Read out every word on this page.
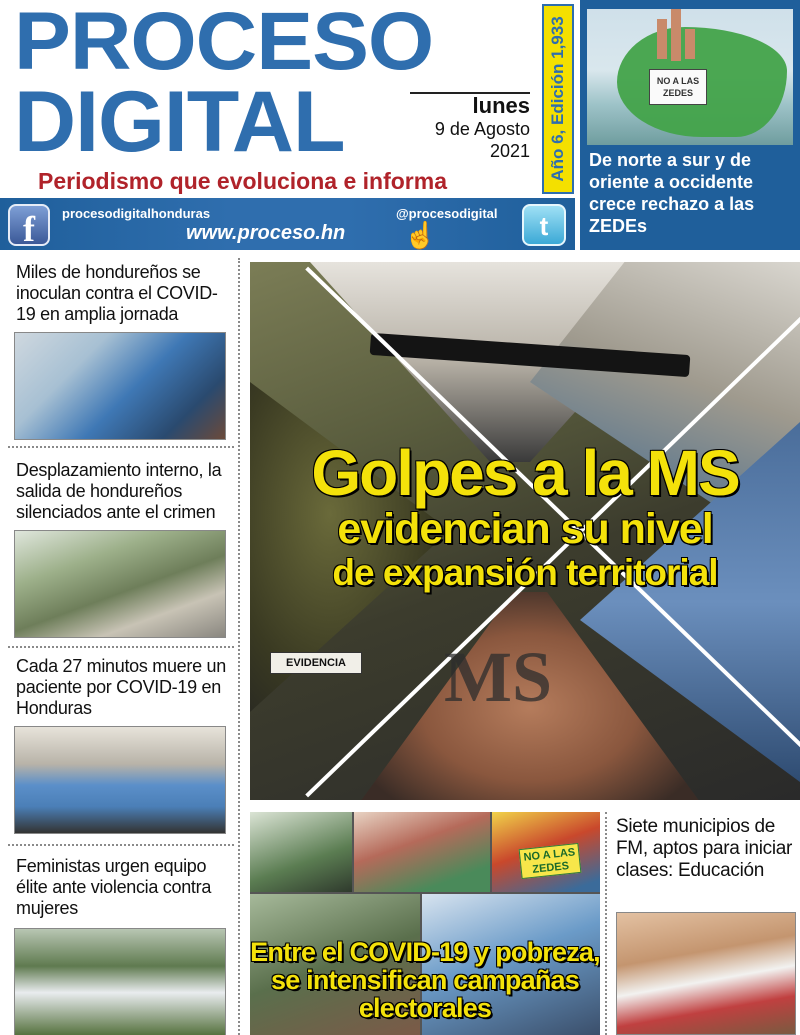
PROCESO
DIGITAL	lunes
9 de Agosto
2021
Periodismo que evoluciona e informa	Año 6, Edición 1,933	NO A LAS ZEDES
De norte a sur y de oriente a occidente crece rechazo a las ZEDEs
f	procesodigitalhonduras
www.proceso.hn ☝
@procesodigital	t
Miles de hondureños se inoculan contra el COVID-19 en amplia jornada
Desplazamiento interno, la salida de hondureños silenciados ante el crimen
Cada 27 minutos muere un paciente por COVID-19 en Honduras
Feministas urgen equipo élite ante violencia contra mujeres
EVIDENCIA MS
Golpes a la MS
evidencian su nivel
de expansión territorial
NO A LAS ZEDES
Entre el COVID-19 y pobreza, se intensifican campañas electorales
Siete municipios de FM, aptos para iniciar clases: Educación
